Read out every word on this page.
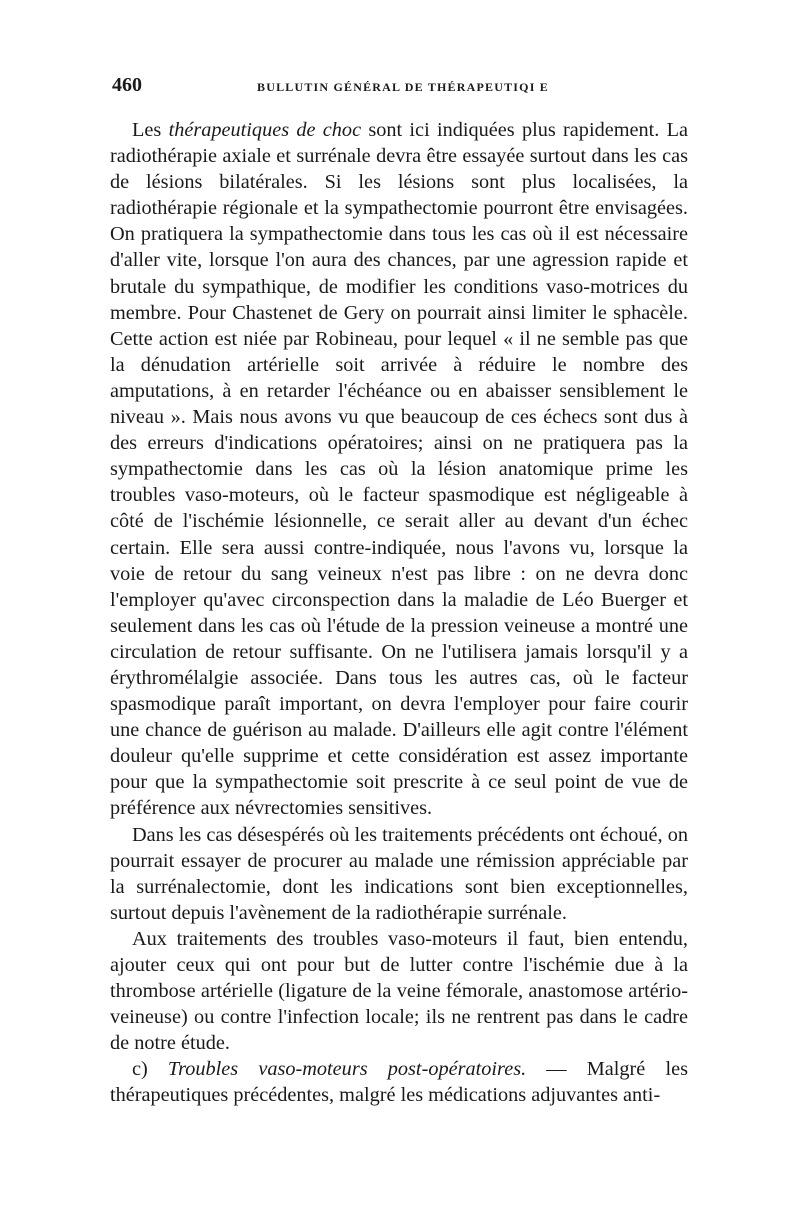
460	BULLUTIN GÉNÉRAL DE THÉRAPEUTIQI E

Les thérapeutiques de choc sont ici indiquées plus rapidement. La radiothérapie axiale et surrénale devra être essayée surtout dans les cas de lésions bilatérales. Si les lésions sont plus localisées, la radiothérapie régionale et la sympathectomie pourront être envisagées. On pratiquera la sympathectomie dans tous les cas où il est nécessaire d'aller vite, lorsque l'on aura des chances, par une agression rapide et brutale du sympathique, de modifier les conditions vaso-motrices du membre. Pour Chastenet de Gery on pourrait ainsi limiter le sphacèle. Cette action est niée par Robineau, pour lequel « il ne semble pas que la dénudation artérielle soit arrivée à réduire le nombre des amputations, à en retarder l'échéance ou en abaisser sensiblement le niveau ». Mais nous avons vu que beaucoup de ces échecs sont dus à des erreurs d'indications opératoires; ainsi on ne pratiquera pas la sympathectomie dans les cas où la lésion anatomique prime les troubles vaso-moteurs, où le facteur spasmodique est négligeable à côté de l'ischémie lésionnelle, ce serait aller au devant d'un échec certain. Elle sera aussi contre-indiquée, nous l'avons vu, lorsque la voie de retour du sang veineux n'est pas libre : on ne devra donc l'employer qu'avec circonspection dans la maladie de Léo Buerger et seulement dans les cas où l'étude de la pression veineuse a montré une circulation de retour suffisante. On ne l'utilisera jamais lorsqu'il y a érythromélalgie associée. Dans tous les autres cas, où le facteur spasmodique paraît important, on devra l'employer pour faire courir une chance de guérison au malade. D'ailleurs elle agit contre l'élément douleur qu'elle supprime et cette considération est assez importante pour que la sympathectomie soit prescrite à ce seul point de vue de préférence aux névrectomies sensitives.

Dans les cas désespérés où les traitements précédents ont échoué, on pourrait essayer de procurer au malade une rémission appréciable par la surrénalectomie, dont les indications sont bien exceptionnelles, surtout depuis l'avènement de la radiothérapie surrénale.

Aux traitements des troubles vaso-moteurs il faut, bien entendu, ajouter ceux qui ont pour but de lutter contre l'ischémie due à la thrombose artérielle (ligature de la veine fémorale, anastomose artério-veineuse) ou contre l'infection locale; ils ne rentrent pas dans le cadre de notre étude.

c) Troubles vaso-moteurs post-opératoires. — Malgré les thérapeutiques précédentes, malgré les médications adjuvantes anti-
